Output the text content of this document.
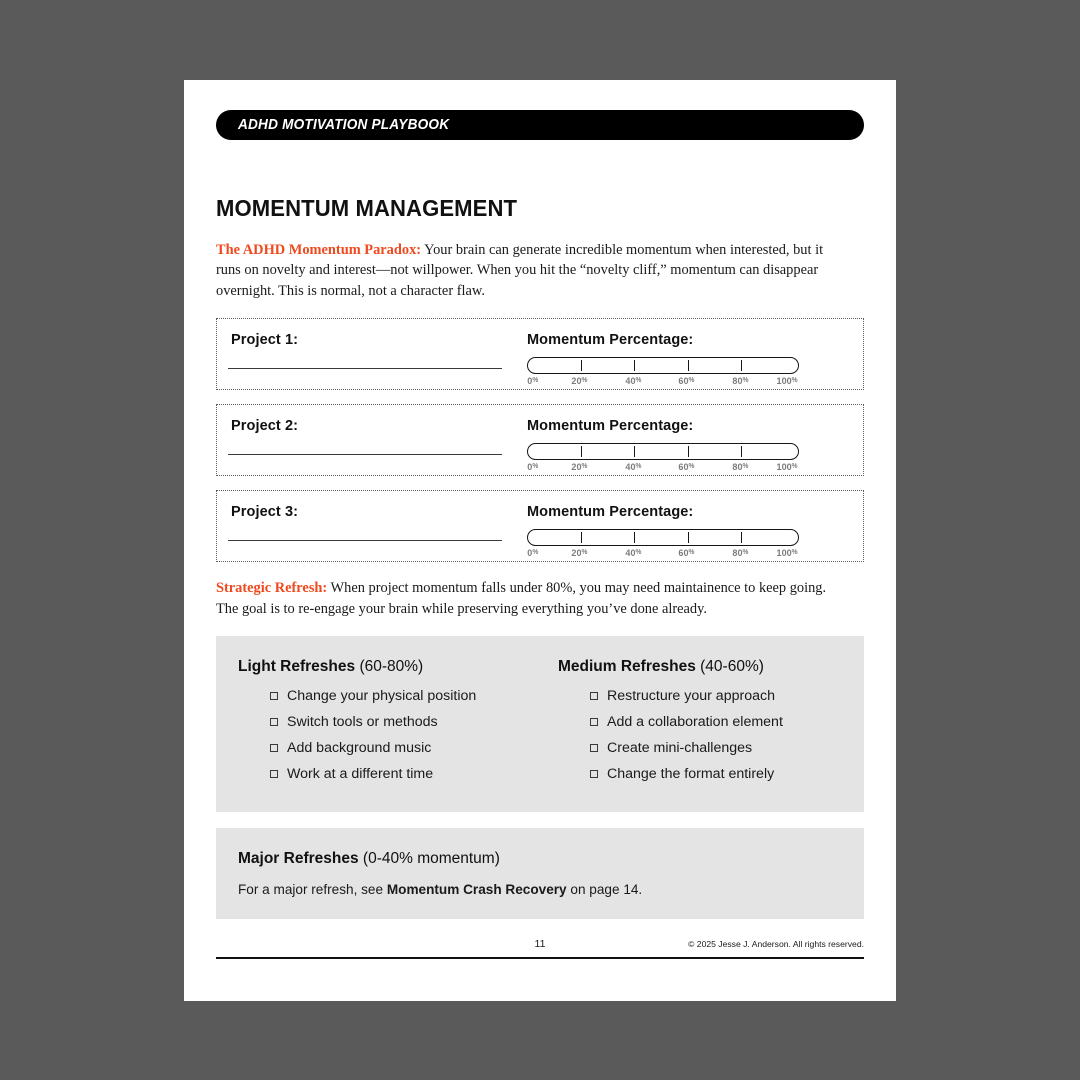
ADHD MOTIVATION PLAYBOOK
MOMENTUM MANAGEMENT
The ADHD Momentum Paradox: Your brain can generate incredible momentum when interested, but it runs on novelty and interest—not willpower. When you hit the “novelty cliff,” momentum can disappear overnight. This is normal, not a character flaw.
Project 1:	Momentum Percentage:
0%	20%	40%	60%	80%	100%
Project 2:	Momentum Percentage:
0%	20%	40%	60%	80%	100%
Project 3:	Momentum Percentage:
0%	20%	40%	60%	80%	100%
Strategic Refresh: When project momentum falls under 80%, you may need maintainence to keep going. The goal is to re-engage your brain while preserving everything you’ve done already.
Light Refreshes (60-80%)
Change your physical position
Switch tools or methods
Add background music
Work at a different time
Medium Refreshes (40-60%)
Restructure your approach
Add a collaboration element
Create mini-challenges
Change the format entirely
Major Refreshes (0-40% momentum)
For a major refresh, see Momentum Crash Recovery on page 14.
11	© 2025 Jesse J. Anderson. All rights reserved.
